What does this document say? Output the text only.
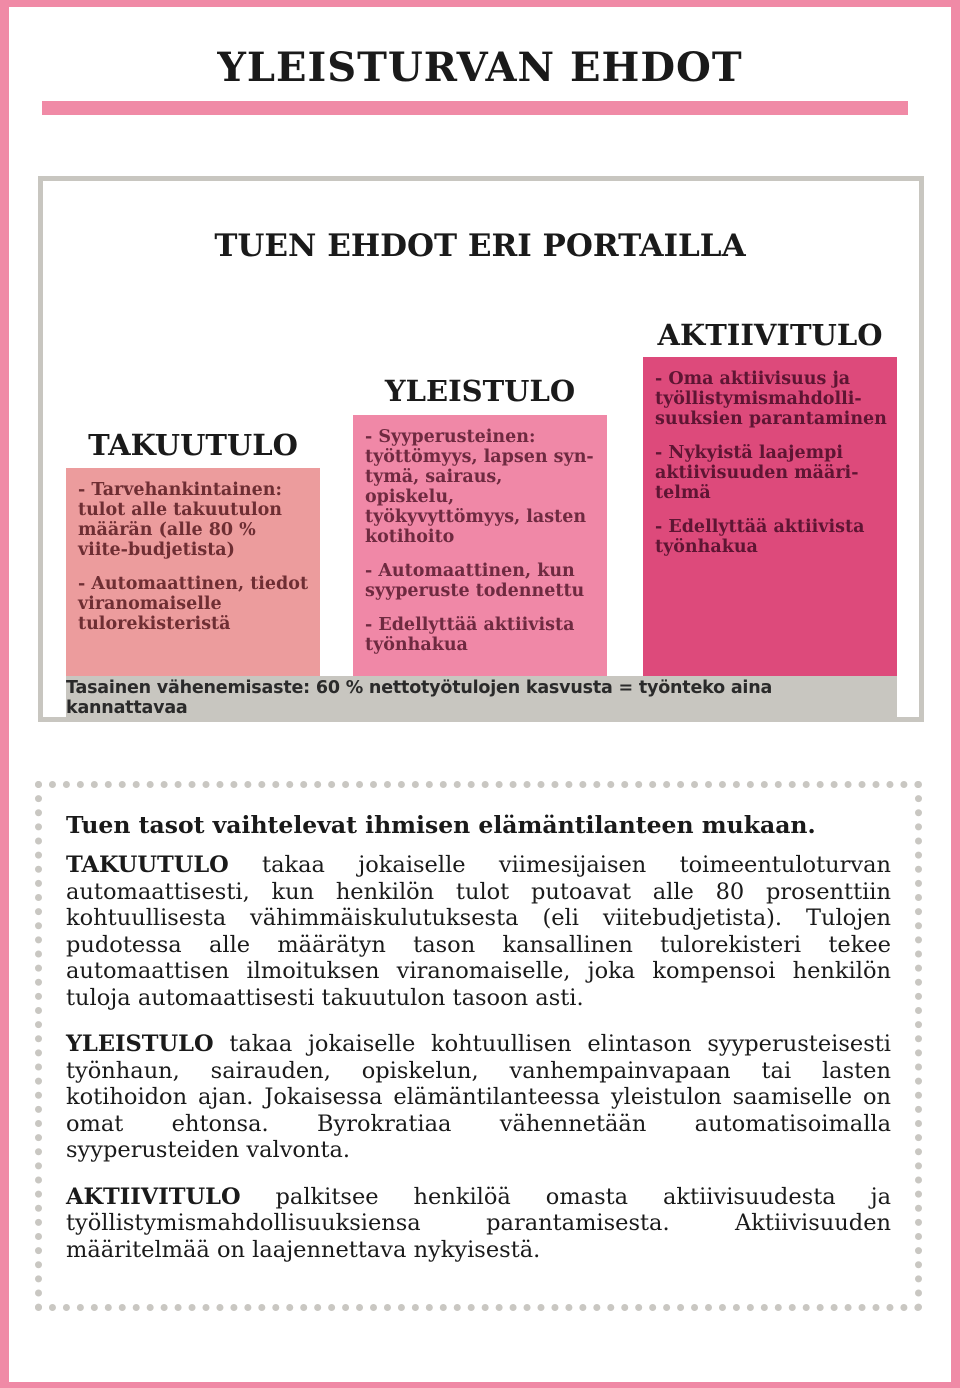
YLEISTURVAN EHDOT
TUEN EHDOT ERI PORTAILLA
TAKUUTULO

- Tarvehankintainen: tulot alle takuutulon määrän (alle 80 % viite-budjetista)

- Automaattinen, tiedot viranomaiselle tulorekisteristä

YLEISTULO

- Syyperusteinen: työttömyys, lapsen syn-tymä, sairaus, opiskelu, työkyvyttömyys, lasten kotihoito

- Automaattinen, kun syyperuste todennettu

- Edellyttää aktiivista työnhakua

AKTIIVITULO

- Oma aktiivisuus ja työllistymismahdolli-suuksien parantaminen

- Nykyistä laajempi aktiivisuuden määri-telmä

- Edellyttää aktiivista työnhakua

Tasainen vähenemisaste: 60 % nettotyötulojen kasvusta = työnteko aina kannattavaa

Tuen tasot vaihtelevat ihmisen elämäntilanteen mukaan.

TAKUUTULO takaa jokaiselle viimesijaisen toimeentuloturvan automaattisesti, kun henkilön tulot putoavat alle 80 prosenttiin kohtuullisesta vähimmäiskulutuksesta (eli viitebudjetista). Tulojen pudotessa alle määrätyn tason kansallinen tulorekisteri tekee automaattisen ilmoituksen viranomaiselle, joka kompensoi henkilön tuloja automaattisesti takuutulon tasoon asti.

YLEISTULO takaa jokaiselle kohtuullisen elintason syyperusteisesti työnhaun, sairauden, opiskelun, vanhempainvapaan tai lasten kotihoidon ajan. Jokaisessa elämäntilanteessa yleistulon saamiselle on omat ehtonsa. Byrokratiaa vähennetään automatisoimalla syyperusteiden valvonta.

AKTIIVITULO palkitsee henkilöä omasta aktiivisuudesta ja työllistymismahdollisuuksiensa parantamisesta. Aktiivisuuden määritelmää on laajennettava nykyisestä.
